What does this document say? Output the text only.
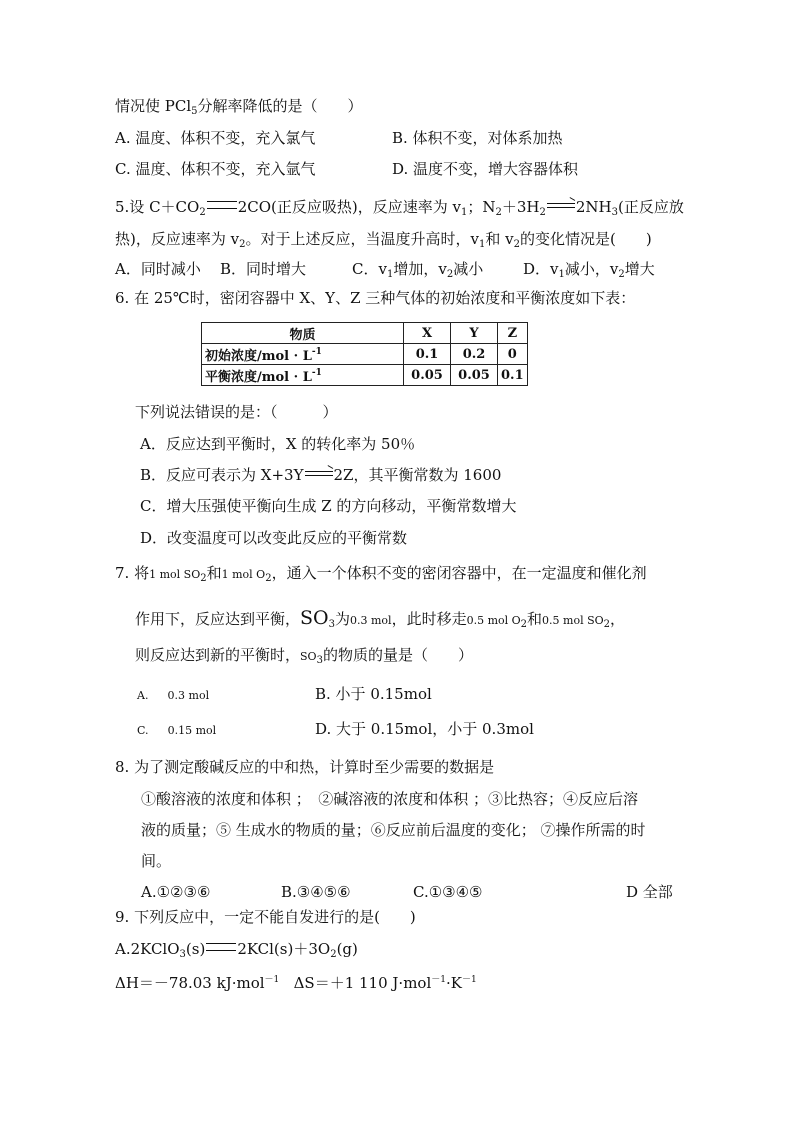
情况使 PCl$_5$分解率降低的是（　　）
A. 温度、体积不变，充入氯气	B. 体积不变，对体系加热
C. 温度、体积不变，充入氩气	D. 温度不变，增大容器体积
5.设 $C+CO_2$ 2CO(正反应吸热)，反应速率为 $v_1$；$N_2+3H_2 \to 2NH_3$(正反应放
热)，反应速率为 $v_2$。对于上述反应，当温度升高时，$v_1$和 $v_2$的变化情况是(　　)
A．同时减小 B．同时增大	C．$v_1$增加，$v_2$减小	D．$v_1$减小，$v_2$增大
6. 在 25℃时，密闭容器中 X、Y、Z 三种气体的初始浓度和平衡浓度如下表：
物质	X	Y	Z
初始浓度$/mol \cdot L^{-1}$	0.1	0.2	0
平衡浓度$/mol \cdot L^{-1}$	0.05	0.05	0.1
下列说法错误的是：（　　　）
A．反应达到平衡时，X 的转化率为 50％
B．反应可表示为 X+3Y→2Z，其平衡常数为 1600
C．增大压强使平衡向生成 Z 的方向移动，平衡常数增大
D．改变温度可以改变此反应的平衡常数
7. 将1 mol $SO_2$和1 mol $O_2$，通入一个体积不变的密闭容器中，在一定温度和催化剂
作用下，反应达到平衡，$SO_3$为0.3 mol，此时移走0.5 mol $O_2$和0.5 mol $SO_2$，
则反应达到新的平衡时，$SO_3$的物质的量是（　　）
A. 0.3 mol	B. 小于 0.15mol
C. 0.15 mol	D. 大于 0.15mol，小于 0.3mol
8. 为了测定酸碱反应的中和热，计算时至少需要的数据是
①酸溶液的浓度和体积 ；　②碱溶液的浓度和体积 ；③比热容；④反应后溶
液的质量；⑤ 生成水的物质的量；⑥反应前后温度的变化； ⑦操作所需的时
间。
A.①②③⑥	B.③④⑤⑥	C.①③④⑤	D 全部
9. 下列反应中，一定不能自发进行的是(　　)
A.2KClO$_3$(s) $2KCl(s)+3O_2(g)$
ΔH＝－78.03 kJ·mol$^{-1}$ ΔS＝＋1 110 $J\cdot mol^{-1}\cdot K^{-1}$
